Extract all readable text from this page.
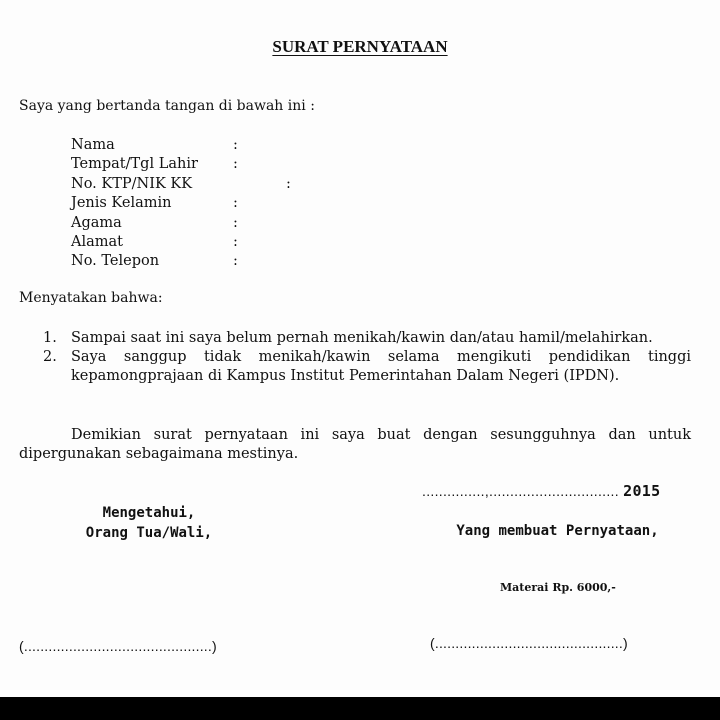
SURAT PERNYATAAN
Saya yang bertanda tangan di bawah ini :
Nama	:
Tempat/Tgl Lahir :
No. KTP/NIK KK	:
Jenis Kelamin	:
Agama	:
Alamat	:
No. Telepon	:
Menyatakan bahwa:
1. Sampai saat ini saya belum pernah menikah/kawin dan/atau hamil/melahirkan.
2. Saya sanggup tidak menikah/kawin selama mengikuti pendidikan tinggi kepamongprajaan di Kampus Institut Pemerintahan Dalam Negeri (IPDN).
Demikian surat pernyataan ini saya buat dengan sesungguhnya dan untuk dipergunakan sebagaimana mestinya.
...............,............................... 2015
Mengetahui,
Orang Tua/Wali,	Yang membuat Pernyataan,
Materai Rp. 6000,-
(..............................................)	(..............................................)
